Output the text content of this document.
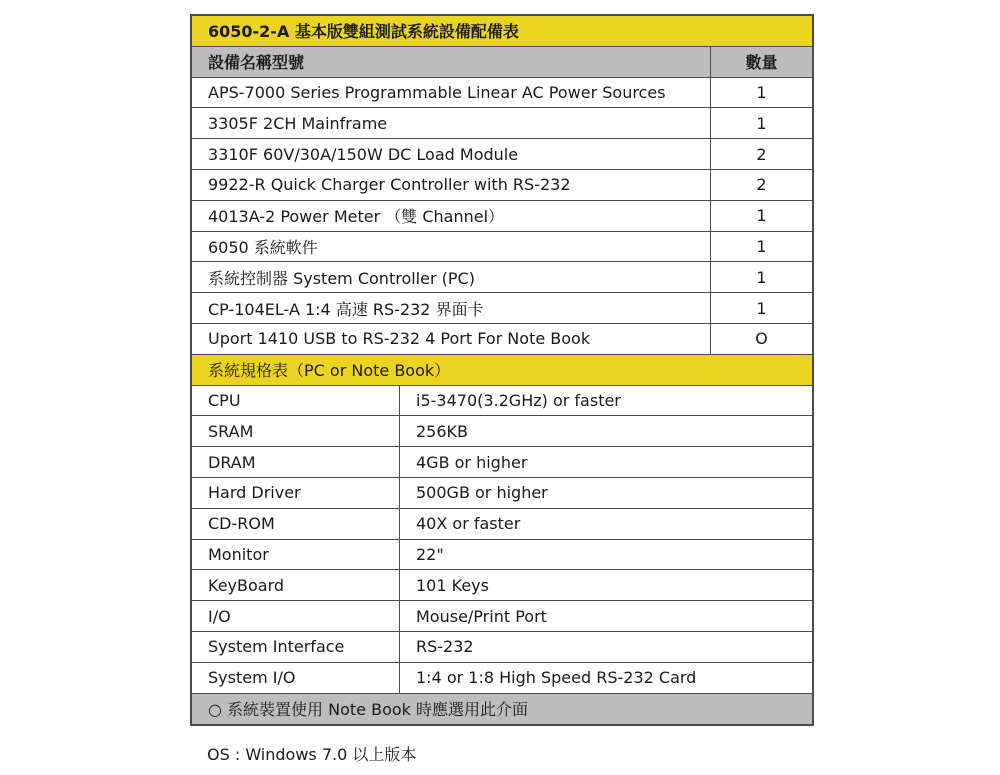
6050-2-A 基本版雙組測試系統設備配備表
設備名稱型號	數量
APS-7000 Series Programmable Linear AC Power Sources	1
3305F 2CH Mainframe	1
3310F 60V/30A/150W DC Load Module	2
9922-R Quick Charger Controller with RS-232	2
4013A-2 Power Meter （雙 Channel）	1
6050 系統軟件	1
系統控制器 System Controller (PC)	1
CP-104EL-A 1:4 高速 RS-232 界面卡	1
Uport 1410 USB to RS-232 4 Port For Note Book	O
系統規格表（PC or Note Book）
CPU	i5-3470(3.2GHz) or faster
SRAM	256KB
DRAM	4GB or higher
Hard Driver	500GB or higher
CD-ROM	40X or faster
Monitor	22"
KeyBoard	101 Keys
I/O	Mouse/Print Port
System Interface	RS-232
System I/O	1:4 or 1:8 High Speed RS-232 Card
○ 系統裝置使用 Note Book 時應選用此介面
OS : Windows 7.0 以上版本
